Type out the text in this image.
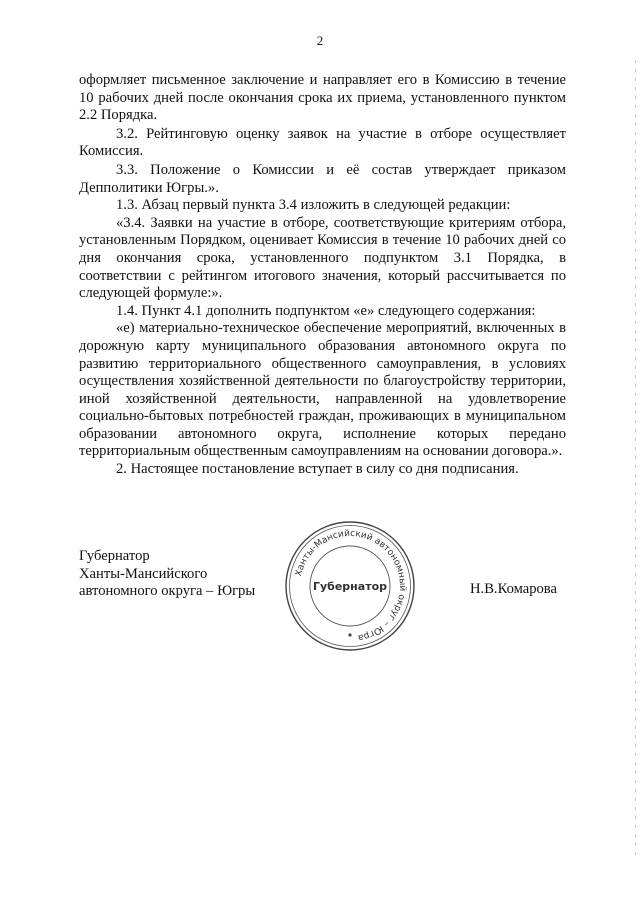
2

оформляет письменное заключение и направляет его в Комиссию в течение 10 рабочих дней после окончания срока их приема, установленного пунктом 2.2 Порядка.

3.2. Рейтинговую оценку заявок на участие в отборе осуществляет Комиссия.

3.3. Положение о Комиссии и её состав утверждает приказом Депполитики Югры.».

1.3. Абзац первый пункта 3.4 изложить в следующей редакции:

«3.4. Заявки на участие в отборе, соответствующие критериям отбора, установленным Порядком, оценивает Комиссия в течение 10 рабочих дней со дня окончания срока, установленного подпунктом 3.1 Порядка, в соответствии с рейтингом итогового значения, который рассчитывается по следующей формуле:».

1.4. Пункт 4.1 дополнить подпунктом «е» следующего содержания:

«е) материально-техническое обеспечение мероприятий, включенных в дорожную карту муниципального образования автономного округа по развитию территориального общественного самоуправления, в условиях осуществления хозяйственной деятельности по благоустройству территории, иной хозяйственной деятельности, направленной на удовлетворение социально-бытовых потребностей граждан, проживающих в муниципальном образовании автономного округа, исполнение которых передано территориальным общественным самоуправлениям на основании договора.».

2. Настоящее постановление вступает в силу со дня подписания.

Губернатор
Ханты-Мансийского
автономного округа – Югры
Ханты-Мансийский автономный округ – Югра
Губернатор	Н.В.Комарова
